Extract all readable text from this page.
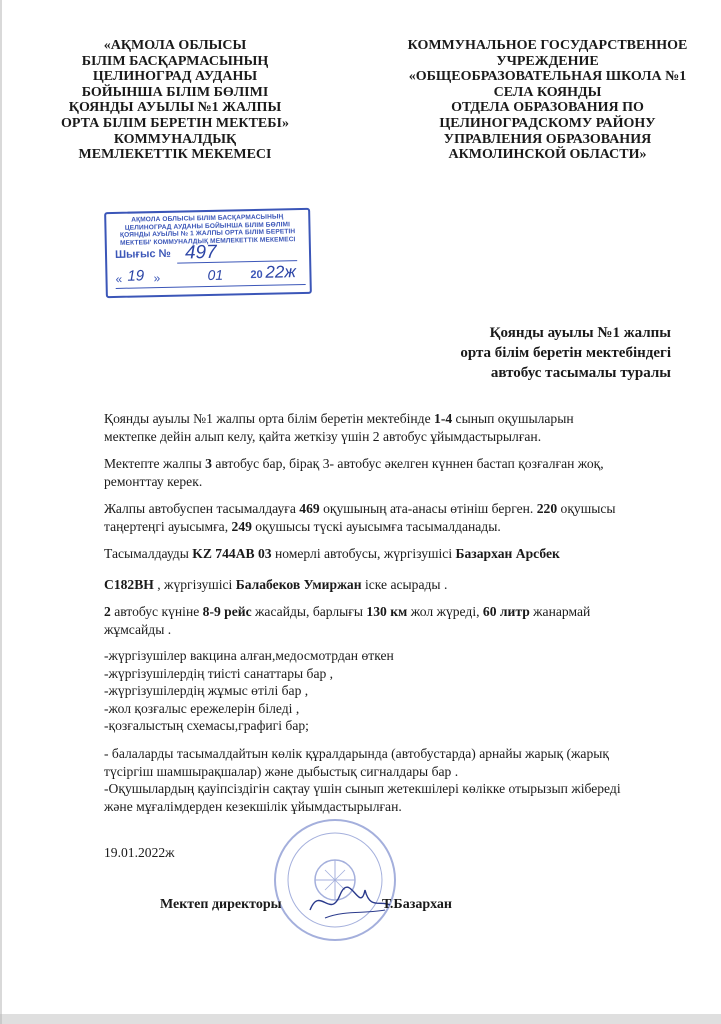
«АҚМОЛА ОБЛЫСЫ
БІЛІМ БАСҚАРМАСЫНЫҢ
ЦЕЛИНОГРАД АУДАНЫ
БОЙЫНША БІЛІМ БӨЛІМІ
ҚОЯНДЫ АУЫЛЫ №1 ЖАЛПЫ
ОРТА БІЛІМ БЕРЕТІН МЕКТЕБІ»
КОММУНАЛДЫҚ
МЕМЛЕКЕТТІК МЕКЕМЕСІ
КОММУНАЛЬНОЕ ГОСУДАРСТВЕННОЕ
УЧРЕЖДЕНИЕ
«ОБЩЕОБРАЗОВАТЕЛЬНАЯ ШКОЛА №1
СЕЛА КОЯНДЫ
ОТДЕЛА ОБРАЗОВАНИЯ ПО
ЦЕЛИНОГРАДСКОМУ РАЙОНУ
УПРАВЛЕНИЯ ОБРАЗОВАНИЯ
АКМОЛИНСКОЙ ОБЛАСТИ»
АҚМОЛА ОБЛЫСЫ БІЛІМ БАСҚАРМАСЫНЫҢ
ЦЕЛИНОГРАД АУДАНЫ БОЙЫНША БІЛІМ БӨЛІМІ
ҚОЯНДЫ АУЫЛЫ № 1 ЖАЛПЫ ОРТА БІЛІМ БЕРЕТІН
МЕКТЕБІ' КОММУНАЛДЫҚ МЕМЛЕКЕТТІК МЕКЕМЕСІ
Шығыс № 497
« 19 »	01 20 22ж
Қоянды ауылы №1 жалпы
орта білім беретін мектебіндегі
автобус тасымалы туралы

Қоянды ауылы №1 жалпы орта білім беретін мектебінде 1-4 сынып оқушыларын

мектепке дейін алып келу, қайта жеткізу үшін 2 автобус ұйымдастырылған.

Мектепте жалпы 3 автобус бар, бірақ 3- автобус әкелген күннен бастап қозғалған жоқ,

ремонттау керек.

Жалпы автобуспен тасымалдауға 469 оқушының ата-анасы өтініш берген. 220 оқушысы

таңертеңгі ауысымға, 249 оқушысы түскі ауысымға тасымалданады.

Тасымалдауды KZ 744AB 03 номерлі автобусы, жүргізушісі Базархан Арсбек

C182BH , жүргізушісі Балабеков Умиржан іске асырады .

2 автобус күніне 8-9 рейс жасайды, барлығы 130 км жол жүреді, 60 литр жанармай

жұмсайды .

-жүргізушілер вакцина алған,медосмотрдан өткен

-жүргізушілердің тиісті санаттары бар ,

-жүргізушілердің жұмыс өтілі бар ,

-жол қозғалыс ережелерін біледі ,

-қозғалыстың схемасы,графигі бар;

- балаларды тасымалдайтын көлік құралдарында (автобустарда) арнайы жарық (жарық

түсіргіш шамшырақшалар) және дыбыстық сигналдары бар .

-Оқушылардың қауіпсіздігін сақтау үшін сынып жетекшілері көлікке отырызып жібереді

және мұғалімдерден кезекшілік ұйымдастырылған.

19.01.2022ж
Мектеп директоры	Т.Базархан
